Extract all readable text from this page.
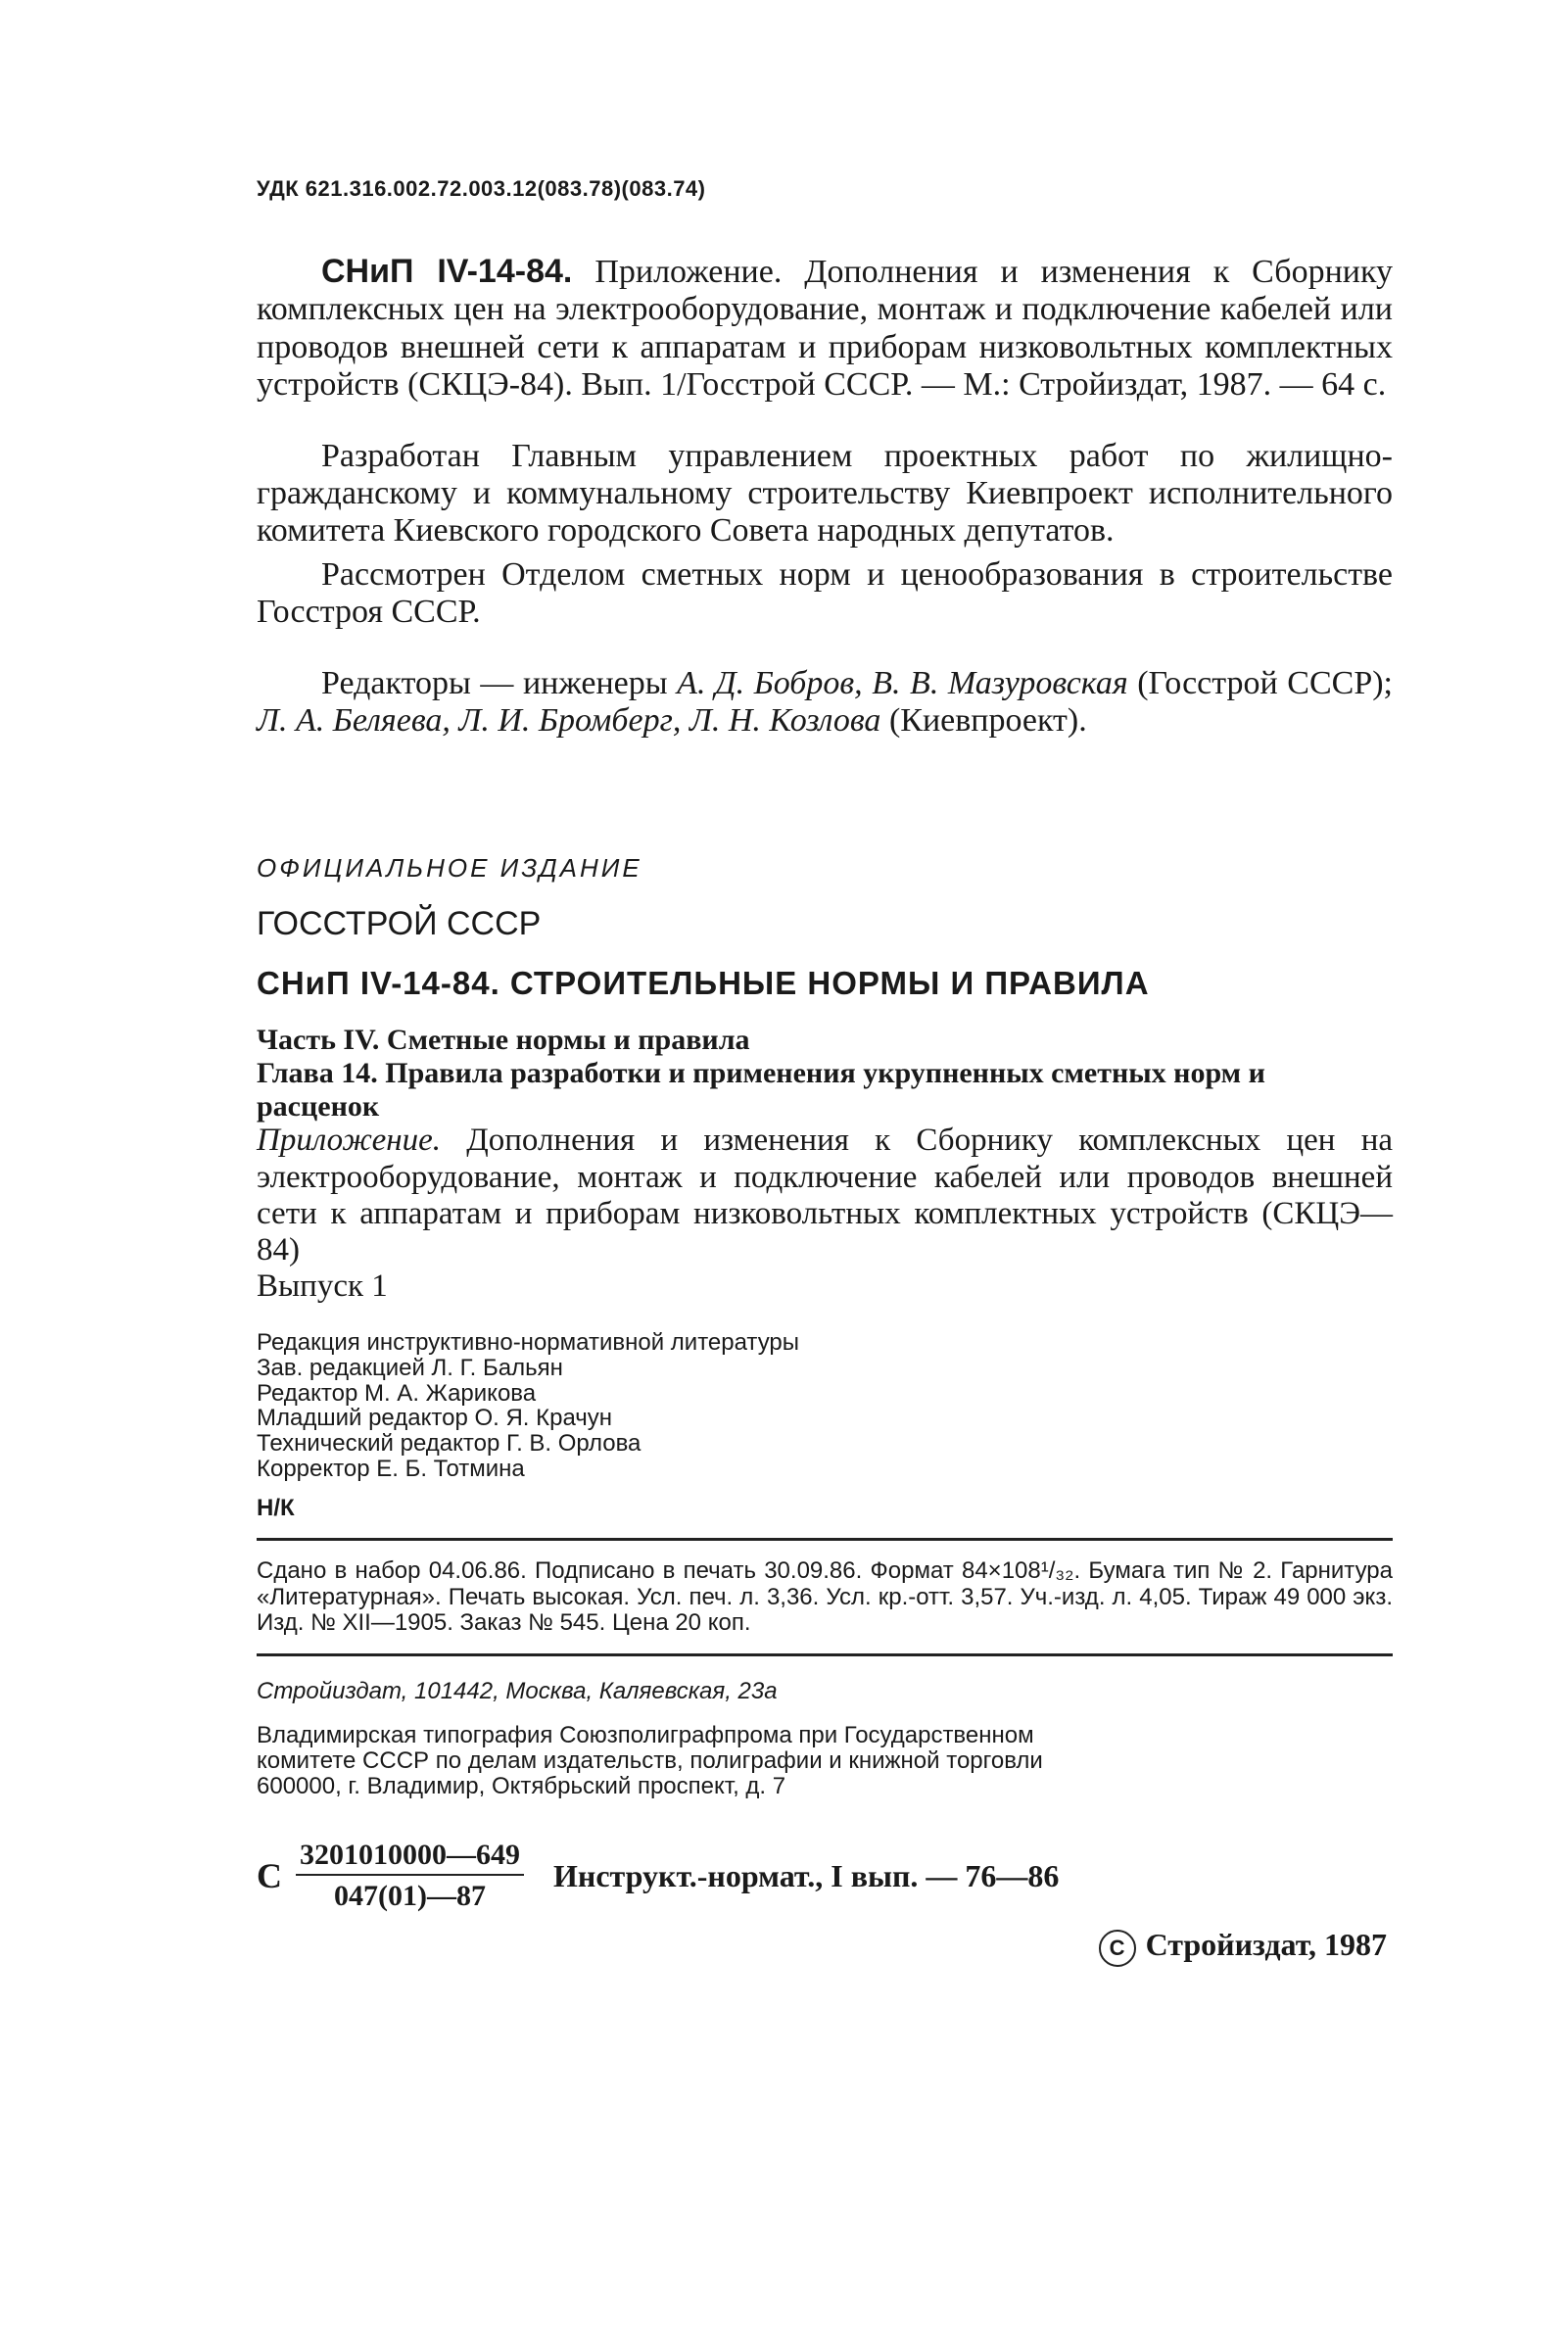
УДК 621.316.002.72.003.12(083.78)(083.74)

СНиП IV-14-84. Приложение. Дополнения и изменения к Сборнику комплексных цен на электрооборудование, монтаж и подключение кабелей или проводов внешней сети к аппаратам и приборам низковольтных комплектных устройств (СКЦЭ-84). Вып. 1/Госстрой СССР. — М.: Стройиздат, 1987. — 64 с.

Разработан Главным управлением проектных работ по жилищно-гражданскому и коммунальному строительству Киевпроект исполнительного комитета Киевского городского Совета народных депутатов.

Рассмотрен Отделом сметных норм и ценообразования в строительстве Госстроя СССР.

Редакторы — инженеры А. Д. Бобров, В. В. Мазуровская (Госстрой СССР); Л. А. Беляева, Л. И. Бромберг, Л. Н. Козлова (Киевпроект).

ОФИЦИАЛЬНОЕ ИЗДАНИЕ
ГОССТРОЙ СССР
СНиП IV-14-84. СТРОИТЕЛЬНЫЕ НОРМЫ И ПРАВИЛА

Часть IV. Сметные нормы и правила

Глава 14. Правила разработки и применения укрупненных сметных норм и расценок

Приложение. Дополнения и изменения к Сборнику комплексных цен на электрооборудование, монтаж и подключение кабелей или проводов внешней сети к аппаратам и приборам низковольтных комплектных устройств (СКЦЭ—84)

Выпуск 1

Редакция инструктивно-нормативной литературы

Зав. редакцией Л. Г. Бальян

Редактор М. А. Жарикова

Младший редактор О. Я. Крачун

Технический редактор Г. В. Орлова

Корректор Е. Б. Тотмина

Н/К

Сдано в набор 04.06.86. Подписано в печать 30.09.86. Формат 84×108¹/₃₂. Бумага тип № 2. Гарнитура «Литературная». Печать высокая. Усл. печ. л. 3,36. Усл. кр.-отт. 3,57. Уч.-изд. л. 4,05. Тираж 49 000 экз. Изд. № XII—1905. Заказ № 545. Цена 20 коп.

Стройиздат, 101442, Москва, Каляевская, 23а

Владимирская типография Союзполиграфпрома при Государственном

комитете СССР по делам издательств, полиграфии и книжной торговли

600000, г. Владимир, Октябрьский проспект, д. 7

С $\frac{3201010000—649}{047(01)—87}$ Инструкт.-нормат., I вып. — 76—86
С Стройиздат, 1987
